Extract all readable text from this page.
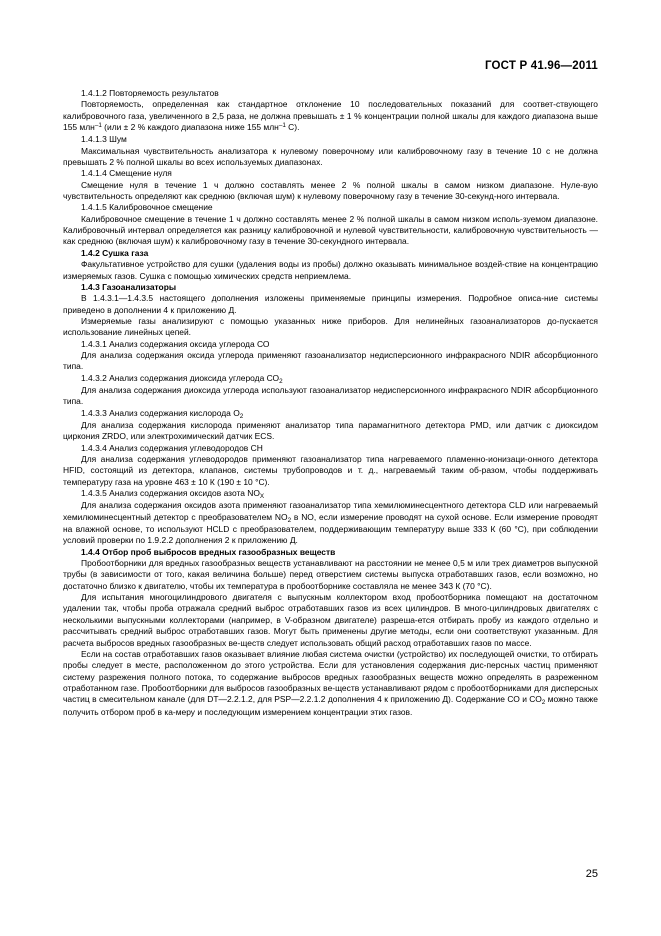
ГОСТ Р 41.96—2011

1.4.1.2 Повторяемость результатов

Повторяемость, определенная как стандартное отклонение 10 последовательных показаний для соответ-ствующего калибровочного газа, увеличенного в 2,5 раза, не должна превышать ± 1 % концентрации полной шкалы для каждого диапазона выше 155 млн$^{-1}$ (или ± 2 % каждого диапазона ниже 155 млн$^{-1}$ С).

1.4.1.3 Шум

Максимальная чувствительность анализатора к нулевому поверочному или калибровочному газу в течение 10 с не должна превышать 2 % полной шкалы во всех используемых диапазонах.

1.4.1.4 Смещение нуля

Смещение нуля в течение 1 ч должно составлять менее 2 % полной шкалы в самом низком диапазоне. Нуле-вую чувствительность определяют как среднюю (включая шум) к нулевому поверочному газу в течение 30-секунд-ного интервала.

1.4.1.5 Калибровочное смещение

Калибровочное смещение в течение 1 ч должно составлять менее 2 % полной шкалы в самом низком исполь-зуемом диапазоне. Калибровочный интервал определяется как разницу калибровочной и нулевой чувствительности, калибровочную чувствительность — как среднюю (включая шум) к калибровочному газу в течение 30-секундного интервала.

1.4.2 Сушка газа

Факультативное устройство для сушки (удаления воды из пробы) должно оказывать минимальное воздей-ствие на концентрацию измеряемых газов. Сушка с помощью химических средств неприемлема.

1.4.3 Газоанализаторы

В 1.4.3.1—1.4.3.5 настоящего дополнения изложены применяемые принципы измерения. Подробное описа-ние системы приведено в дополнении 4 к приложению Д.

Измеряемые газы анализируют с помощью указанных ниже приборов. Для нелинейных газоанализаторов до-пускается использование линейных цепей.

1.4.3.1 Анализ содержания оксида углерода СО

Для анализа содержания оксида углерода применяют газоанализатор недисперсионного инфракрасного NDIR абсорбционного типа.

1.4.3.2 Анализ содержания диоксида углерода $СО_2$

Для анализа содержания диоксида углерода используют газоанализатор недисперсионного инфракрасного NDIR абсорбционного типа.

1.4.3.3 Анализ содержания кислорода $О_2$

Для анализа содержания кислорода применяют анализатор типа парамагнитного детектора PMD, или датчик с диоксидом циркония ZRDO, или электрохимический датчик ECS.

1.4.3.4 Анализ содержания углеводородов СН

Для анализа содержания углеводородов применяют газоанализатор типа нагреваемого пламенно-ионизаци-онного детектора HFID, состоящий из детектора, клапанов, системы трубопроводов и т. д., нагреваемый таким об-разом, чтобы поддерживать температуру газа на уровне 463 ± 10 К (190 ± 10 °С).

1.4.3.5 Анализ содержания оксидов азота $NO_X$

Для анализа содержания оксидов азота применяют газоанализатор типа хемилюминесцентного детектора CLD или нагреваемый хемилюминесцентный детектор с преобразователем $NO_2$ в NO, если измерение проводят на сухой основе. Если измерение проводят на влажной основе, то используют HCLD с преобразователем, поддерживающим температуру выше 333 К (60 °С), при соблюдении условий проверки по 1.9.2.2 дополнения 2 к приложению Д.

1.4.4 Отбор проб выбросов вредных газообразных веществ

Пробоотборники для вредных газообразных веществ устанавливают на расстоянии не менее 0,5 м или трех диаметров выпускной трубы (в зависимости от того, какая величина больше) перед отверстием системы выпуска отработавших газов, если возможно, но достаточно близко к двигателю, чтобы их температура в пробоотборнике составляла не менее 343 К (70 °С).

Для испытания многоцилиндрового двигателя с выпускным коллектором вход пробоотборника помещают на достаточном удалении так, чтобы проба отражала средний выброс отработавших газов из всех цилиндров. В много-цилиндровых двигателях с несколькими выпускными коллекторами (например, в V-образном двигателе) разреша-ется отбирать пробу из каждого отдельно и рассчитывать средний выброс отработавших газов. Могут быть применены другие методы, если они соответствуют указанным. Для расчета выбросов вредных газообразных ве-ществ следует использовать общий расход отработавших газов по массе.

Если на состав отработавших газов оказывает влияние любая система очистки (устройство) их последующей очистки, то отбирать пробы следует в месте, расположенном до этого устройства. Если для установления содержания дис-персных частиц применяют систему разрежения полного потока, то содержание выбросов вредных газообразных веществ можно определять в разреженном отработанном газе. Пробоотборники для выбросов газообразных ве-ществ устанавливают рядом с пробоотборниками для дисперсных частиц в смесительном канале (для DT—2.2.1.2, для PSP—2.2.1.2 дополнения 4 к приложению Д). Содержание СО и $СО_2$ можно также получить отбором проб в ка-меру и последующим измерением концентрации этих газов.

25
